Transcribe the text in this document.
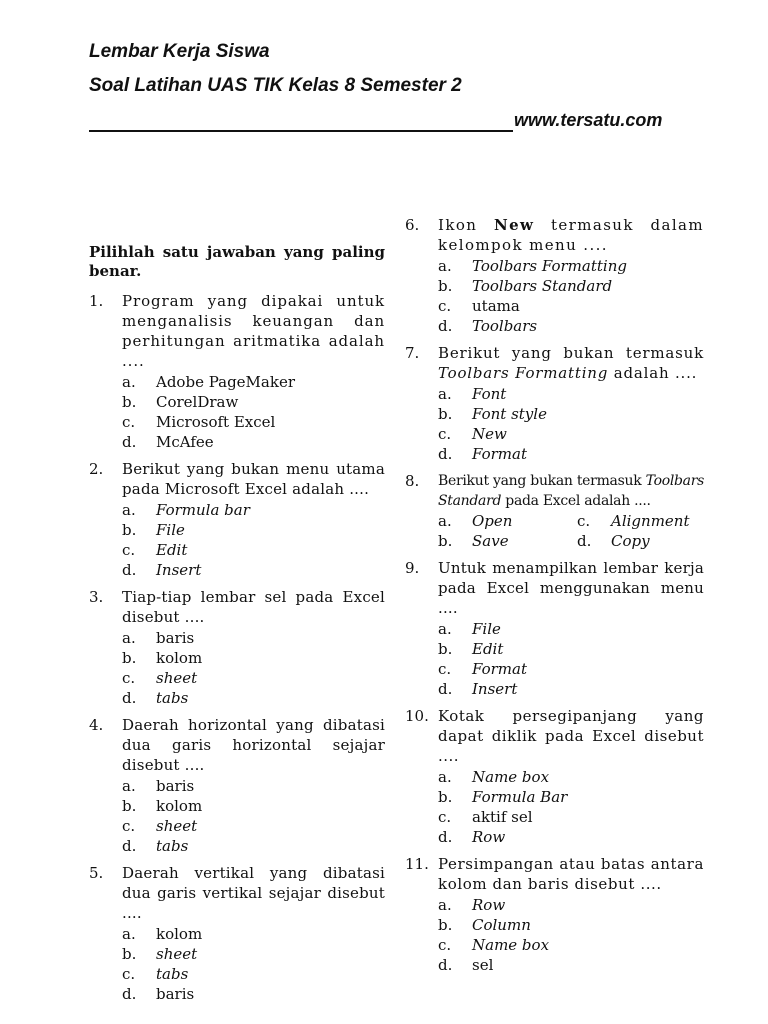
Lembar Kerja Siswa
Soal Latihan UAS TIK Kelas 8 Semester 2
www.tersatu.com
Pilihlah satu jawaban yang paling benar.
1. Program yang dipakai untuk menganalisis keuangan dan perhitungan aritmatika adalah ....
a. Adobe PageMaker
b. CorelDraw
c. Microsoft Excel
d. McAfee
2. Berikut yang bukan menu utama pada Microsoft Excel adalah ....
a. Formula bar
b. File
c. Edit
d. Insert
3. Tiap-tiap lembar sel pada Excel disebut ....
a. baris
b. kolom
c. sheet
d. tabs
4. Daerah horizontal yang dibatasi dua garis horizontal sejajar disebut ....
a. baris
b. kolom
c. sheet
d. tabs
5. Daerah vertikal yang dibatasi dua garis vertikal sejajar disebut ....
a. kolom
b. sheet
c. tabs
d. baris
6. Ikon New termasuk dalam kelompok menu ....
a. Toolbars Formatting
b. Toolbars Standard
c. utama
d. Toolbars
7. Berikut yang bukan termasuk Toolbars Formatting adalah ....
a. Font
b. Font style
c. New
d. Format
8. Berikut yang bukan termasuk Toolbars Standard pada Excel adalah ....
a. Open	c. Alignment
b. Save	d. Copy
9. Untuk menampilkan lembar kerja pada Excel menggunakan menu ....
a. File
b. Edit
c. Format
d. Insert
10. Kotak persegipanjang yang dapat diklik pada Excel disebut ....
a. Name box
b. Formula Bar
c. aktif sel
d. Row
11. Persimpangan atau batas antara kolom dan baris disebut ....
a. Row
b. Column
c. Name box
d. sel
